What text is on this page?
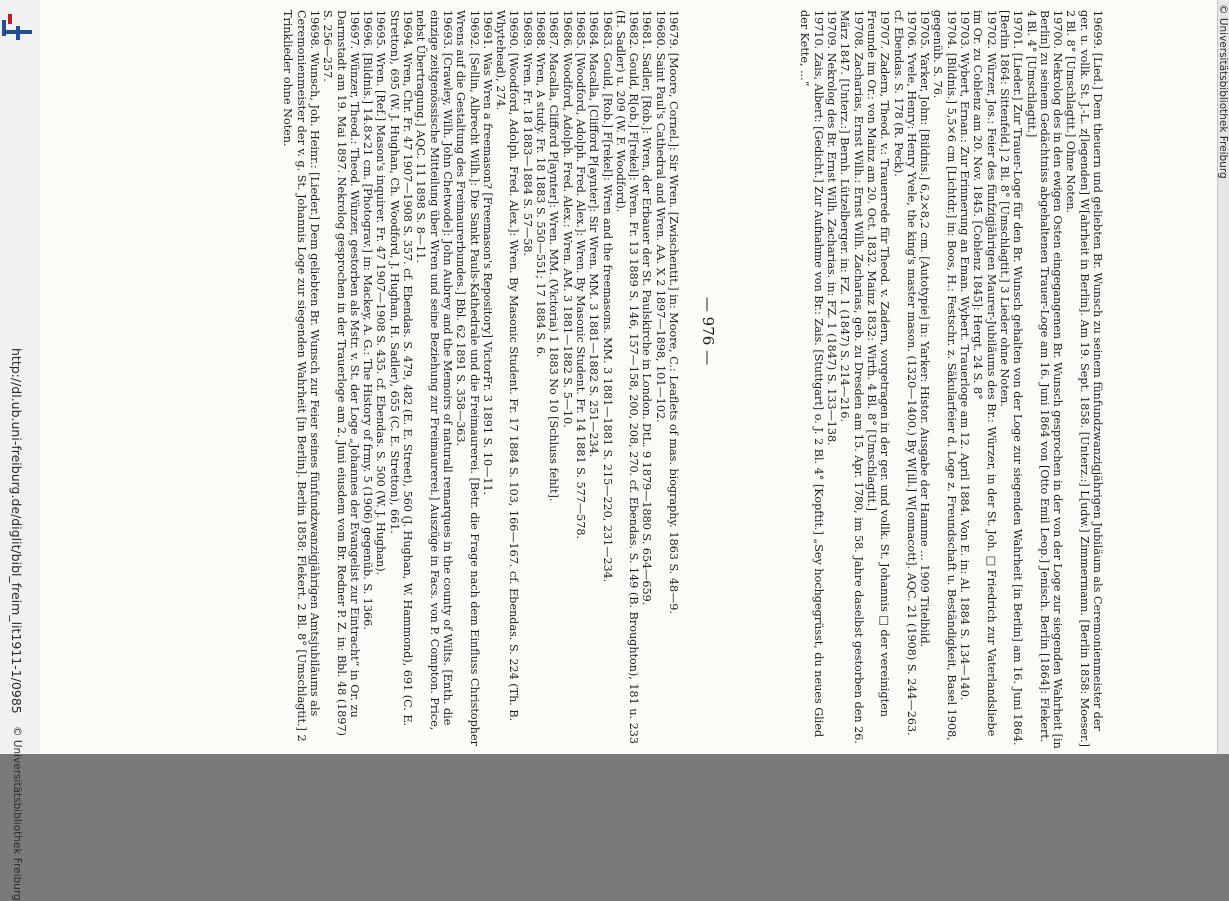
http://dl.ub.uni-freiburg.de/diglit/bibl_freim_lit1911-1/0985
© Universitätsbibliothek Freiburg
— 976 —	19699. [Lied.] Dem theuern und geliebten Br. Wunsch zu seinem fünfundzwanzigjährigen Jubiläum als Ceremonienmeister der ger. u. vollk. St. J.-L. z[legenden] W[ahrheit in Berlin]. Am 19. Sept. 1858. [Unterz.:] L[udw.] Zimmermann. [Berlin 1858: Moeser.] 2 Bl. 8° [Umschlagtit.] Ohne Noten.
19700. Nekrolog des in den ewigen Osten eingegangenen Br. Wunsch gesprochen in der von der Loge zur siegenden Wahrheit [in Berlin] zu seinem Gedächtniss abgehaltenen Trauer-Loge am 16. Juni 1864 von [Otto Emil Leop.] Jenisch. Berlin [1864]: Flekert. 4 Bl. 4° [Umschlagtit.]
19701. [Lieder.] Zur Trauer-Loge für den Br. Wunsch gehalten von der Loge zur siegenden Wahrheit [in Berlin] am 16. Juni 1864. [Berlin 1864: Sittenfeld.] 2 Bl. 8° [Umschlagtit.] 3 Lieder ohne Noten.
19702. Würzer, Jos.: Feier des fünfzigjährigen Maurer-Jubiläums des Br.: Würzer, in der St. Joh. □ Friedrich zur Vaterlandsliebe im Or. zu Coblenz am 20. Nov. 1845. [Coblenz 1845]: Hergt. 24 S. 8°
19703. Wybert, Ernan.: Zur Erinnerung an Eman. Wybert. Trauerloge am 12. April 1884. Von E. in: Al. 1884 S. 134—140.
19704. [Bildnis.] 5,5×6 cm [Lichtdr.] in: Boos, H.: Festschr. z. Säkularfeier d. Loge z. Freundschaft u. Beständigkeit, Basel 1908, gegenüb. S. 76.
19705. Yarker, John: [Bildnis.] 6,2×8,2 cm. [Autotypie] in: Yarker: Histor. Ausgabe der Hamme ... 1909 Titelbild.
19706. Yvele, Henry: Henry Yvele, the king's master mason. (1320—1400.) By W[ill.] W[onnacott]. AQC. 21 (1908) S. 244—263. cf. Ebendas. S. 178 (R. Peck).
19707. Zadern, Theod. v.: Trauerrede für Theod. v. Zadern, vorgetragen in der ger. und vollk. St. Johannis □ der vereinigten Freunde im Or.: von Mainz am 20. Oct. 1832. Mainz 1832: Wirth. 4 Bl. 8° [Umschlagtit.]
19708. Zacharias, Ernst Wilh.: Ernst Wilh. Zacharias, geb. zu Dresden am 15. Apr. 1780, im 58. Jahre daselbst gestorben den 26. März 1847. [Unterz.:] Bernh. Lützelberger. in: FZ. 1 (1847) S. 214—216.
19709. Nekrolog des Br. Ernst Wilh. Zacharias. in: FZ. 1 (1847) S. 133—138.
19710. Zais, Albert: [Gedicht.] Zur Aufnahme von Br.: Zais. [Stuttgart] o. J. 2 Bl. 4° [Kopftit.] „Sey hochgegrüsst, du neues Glied der Kette, ...“
19679. [Moore, Cornel.]: Sir Wren. [Zwischentit.] in: Moore, C.: Leaflets of mas. biography. 1863 S. 48—9.
19680. Saint Paul's Cathedral and Wren. AA. X 2 1897—1898, 101—102.
19681. Sadler, [Rob.]: Wren, der Erbauer der St. Paulskirche in London. DtL. 9 1879—1880 S. 654—659.
19682. Gould, R[ob.] F[rekel]: Wren. Fr. 13 1889 S. 146, 157—158, 200, 208, 270. cf. Ebendas. S. 149 (B. Broughton), 181 u. 233 (H. Sadler) u. 209 (W. F. Woodford).
19683. Gould, [Rob.] F[rekel]: Wren and the freemasons. MM. 3 1881—1881 S. 215—220, 231—234.
19684. Macalla, [Clifford P[aynter]: Sir Wren. MM. 3 1881—1882 S. 251—234.
19685. [Woodford, Adolph. Fred. Alex.]: Wren. By Masonic Student. Fr. 14 1881 S. 577—578.
19686. Woodford, Adolph. Fred. Alex.: Wren. AM. 3 1881—1882 S. 5—10.
19687. Macalla, Clifford P[aynter]: Wren. MM. (Victoria) 1 1883 No 10 [Schluss fehlt].
19688. Wren, A study. Fr. 18 1883 S. 550—551; 17 1884 S. 6.
19689. Wren. Fr. 18 1883—1884 S. 57—58.
19690. [Woodford, Adolph. Fred. Alex.]: Wren. By Masonic Student. Fr. 17 1884 S. 103, 166—167. cf. Ebendas. S. 224 (Th. B. Whytehead), 274.
19691. Was Wren a freemason? [Freemason's Repository] VictorFr. 3 1891 S. 10—11.
19692. [Sellin, Albrecht Wilh.]: Die Sankt Pauls-Kathedrale und die Freimaurerei. [Betr. die Frage nach dem Einfluss Christopher Wrens auf die Gestaltung des Freimaurerbundes.] Bbl. 62 1891 S. 358—363.
19693. [Crawley, Wilh. John Chetwode]: John Aubrey and the Memoirs of naturall remarques in the county of Wilts. [Enth. die einzige zeitgenössische Mitteilung über Wren und seine Beziehung zur Freimaurerei.] Auszüge in Facs. von P. Compton. Price, nebst Übertragung.] AQC. 11 1898 S. 8—11.
19694. Wren, Chr. Fr. 47 1907—1908 S. 357. cf. Ebendas. S. 479, 482 (E. E. Street), 560 (J. Hughan, W. Hammond), 691 (C. E. Stretton), 695 (W. J. Hughan, Ch. Woodford, J. Hughan, H. Sadler), 655 (C. E. Stretton), 661.
19695. Wren. [Ref.] Mason's inquirer. Fr. 47 1907—1908 S. 435. cf. Ebendas. S. 500 (W. J. Hughan).
19696. [Bildnis.] 14.8×21 cm. [Photograv.] in: Mackey, A. G.: The History of frmy. 5 (1906) gegenüb. S. 1366.
19697. Wünzer, Theod.: Theod. Wünzer, gestorben als Mstr. v. St. der Loge „Johannes der Evangelist zur Eintracht“ in Or. zu Darmstadt am 19. Mai 1897. Nekrolog gesprochen in der Trauerloge am 2. Juni eiusdem vom Br. Redner P. Z. in: Bbl. 48 (1897) S. 256—257.
19698. Wunsch, Joh. Heinr.: [Lieder.] Dem geliebten Br. Wunsch zur Feier seines fünfundzwanzigjährigen Amtsjubiläums als Ceremonienmeister der v. g. St. Johannis Loge zur siegenden Wahrheit [in Berlin]. Berlin 1858: Flekert. 2 Bl. 8° [Umschlagtit.] 2 Trinklieder ohne Noten.	© Universitätsbibliothek Freiburg
